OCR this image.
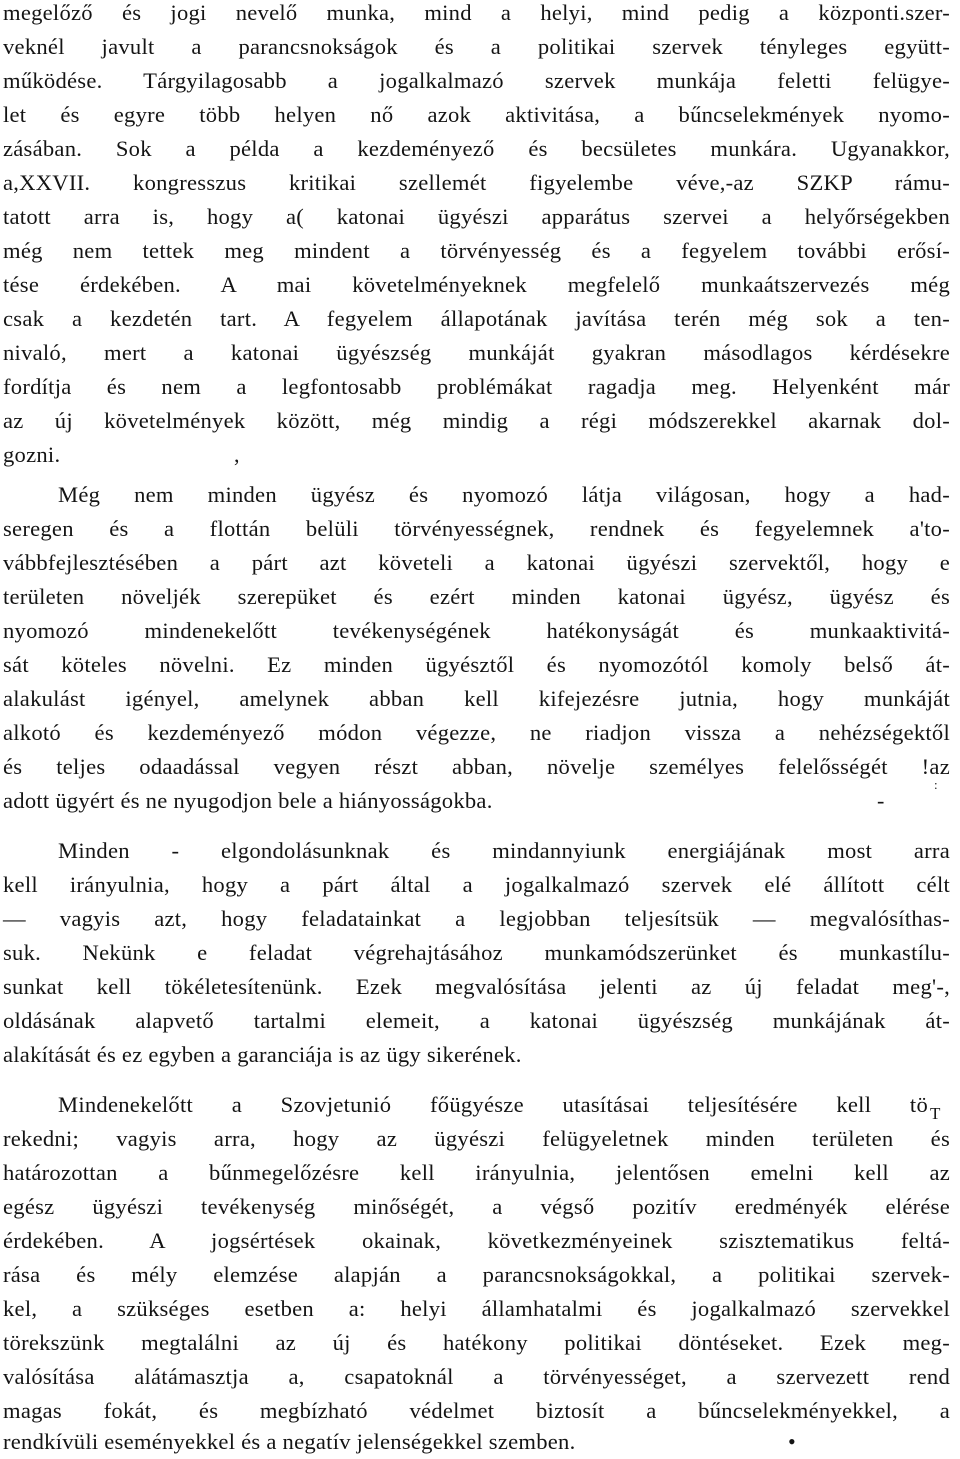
megelőző és jogi nevelő munka, mind a helyi, mind pedig a központi.szer-
veknél javult a parancsnokságok és a politikai szervek tényleges együtt-
működése. Tárgyilagosabb a jogalkalmazó szervek munkája feletti felügye-
let és egyre több helyen nő azok aktivitása, a bűncselekmények nyomo-
zásában. Sok a példa a kezdeményező és becsületes munkára. Ugyanakkor,
a,XXVII. kongresszus kritikai szellemét figyelembe véve,-az SZKP rámu-
tatott arra is, hogy a( katonai ügyészi apparátus szervei a helyőrségekben
még nem tettek meg mindent a törvényesség és a fegyelem további erősí-
tése érdekében. A mai követelményeknek megfelelő munkaátszervezés még
csak a kezdetén tart. A fegyelem állapotának javítása terén még sok a ten-
nivaló, mert a katonai ügyészség munkáját gyakran másodlagos kérdésekre
fordítja és nem a legfontosabb problémákat ragadja meg. Helyenként már
az új követelmények között, még mindig a régi módszerekkel akarnak dol-
gozni.	,
Még nem minden ügyész és nyomozó látja világosan, hogy a had-
seregen és a flottán belüli törvényességnek, rendnek és fegyelemnek a'to-
vábbfejlesztésében a párt azt követeli a katonai ügyészi szervektől, hogy e
területen növeljék szerepüket és ezért minden katonai ügyész, ügyész és
nyomozó mindenekelőtt tevékenységének hatékonyságát és munkaaktivitá-
sát köteles növelni. Ez minden ügyésztől és nyomozótól komoly belső át-
alakulást igényel, amelynek abban kell kifejezésre jutnia, hogy munkáját
alkotó és kezdeményező módon végezze, ne riadjon vissza a nehézségektől
és teljes odaadással vegyen részt abban, növelje személyes felelősségét !az
adott ügyért és ne nyugodjon bele a hiányosságokba.	-
:
Minden - elgondolásunknak és mindannyiunk energiájának most arra
kell irányulnia, hogy a párt által a jogalkalmazó szervek elé állított célt
— vagyis azt, hogy feladatainkat a legjobban teljesítsük — megvalósíthas-
suk. Nekünk e feladat végrehajtásához munkamódszerünket és munkastílu-
sunkat kell tökéletesítenünk. Ezek megvalósítása jelenti az új feladat meg'-,
oldásának alapvető tartalmi elemeit, a katonai ügyészség munkájának át-
alakítását és ez egyben a garanciája is az ügy sikerének.
Mindenekelőtt a Szovjetunió főügyésze utasításai teljesítésére kell tö T
rekedni; vagyis arra, hogy az ügyészi felügyeletnek minden területen és
határozottan a bűnmegelőzésre kell irányulnia, jelentősen emelni kell az
egész ügyészi tevékenység minőségét, a végső pozitív eredményék elérése
érdekében. A jogsértések okainak, következményeinek szisztematikus feltá-
rása és mély elemzése alapján a parancsnokságokkal, a politikai szervek-
kel, a szükséges esetben a: helyi államhatalmi és jogalkalmazó szervekkel
törekszünk megtalálni az új és hatékony politikai döntéseket. Ezek meg-
valósítása alátámasztja a, csapatoknál a törvényességet, a szervezett rend
magas fokát, és megbízható védelmet biztosít a bűncselekményekkel, a
rendkívüli eseményekkel és a negatív jelenségekkel szemben.	•
